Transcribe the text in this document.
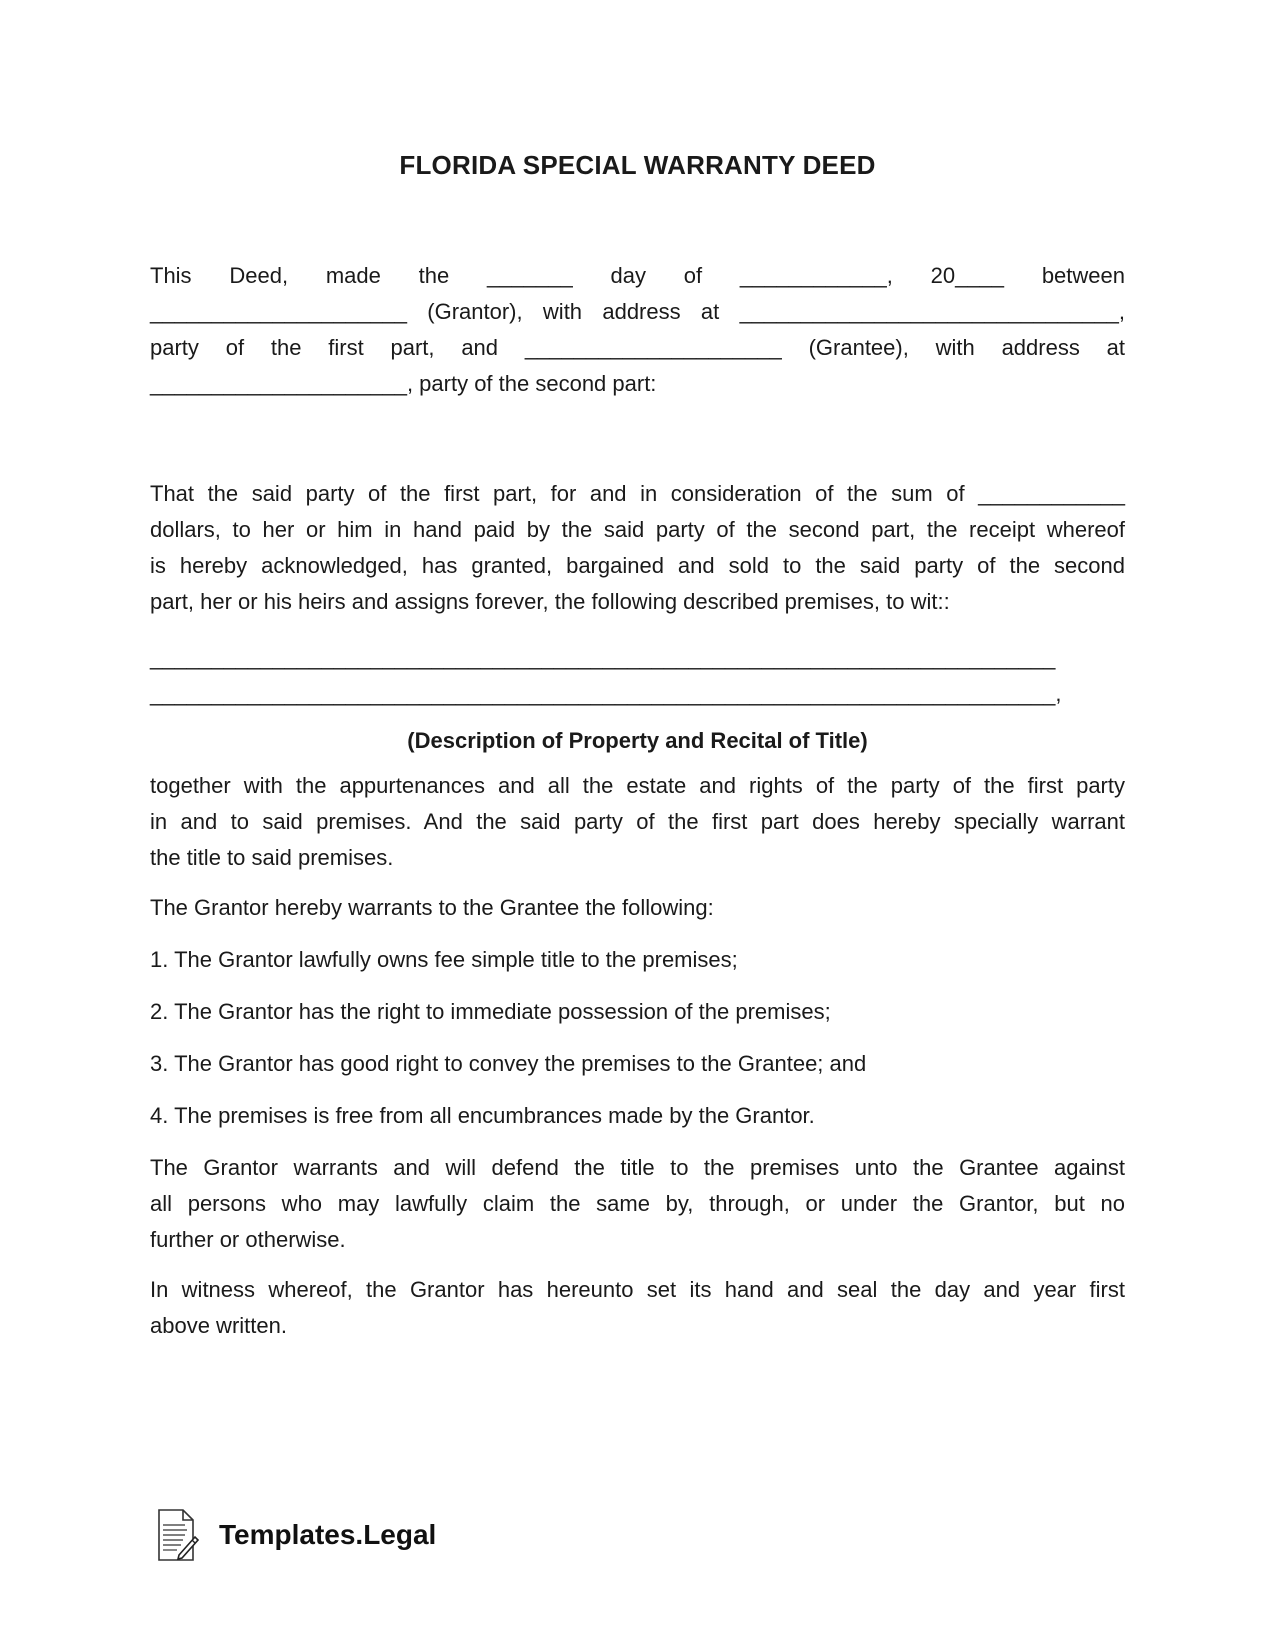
FLORIDA SPECIAL WARRANTY DEED
This Deed, made the _______ day of ____________, 20____ between
_____________________ (Grantor), with address at _______________________________,
party of the first part, and _____________________ (Grantee), with address at
_____________________, party of the second part:
That the said party of the first part, for and in consideration of the sum of ____________
dollars, to her or him in hand paid by the said party of the second part, the receipt whereof
is hereby acknowledged, has granted, bargained and sold to the said party of the second
part, her or his heirs and assigns forever, the following described premises, to wit::
__________________________________________________________________________
__________________________________________________________________________,
(Description of Property and Recital of Title)
together with the appurtenances and all the estate and rights of the party of the first party
in and to said premises. And the said party of the first part does hereby specially warrant
the title to said premises.
The Grantor hereby warrants to the Grantee the following:
1. The Grantor lawfully owns fee simple title to the premises;
2. The Grantor has the right to immediate possession of the premises;
3. The Grantor has good right to convey the premises to the Grantee; and
4. The premises is free from all encumbrances made by the Grantor.
The Grantor warrants and will defend the title to the premises unto the Grantee against
all persons who may lawfully claim the same by, through, or under the Grantor, but no
further or otherwise.
In witness whereof, the Grantor has hereunto set its hand and seal the day and year first
above written.
Templates.Legal
